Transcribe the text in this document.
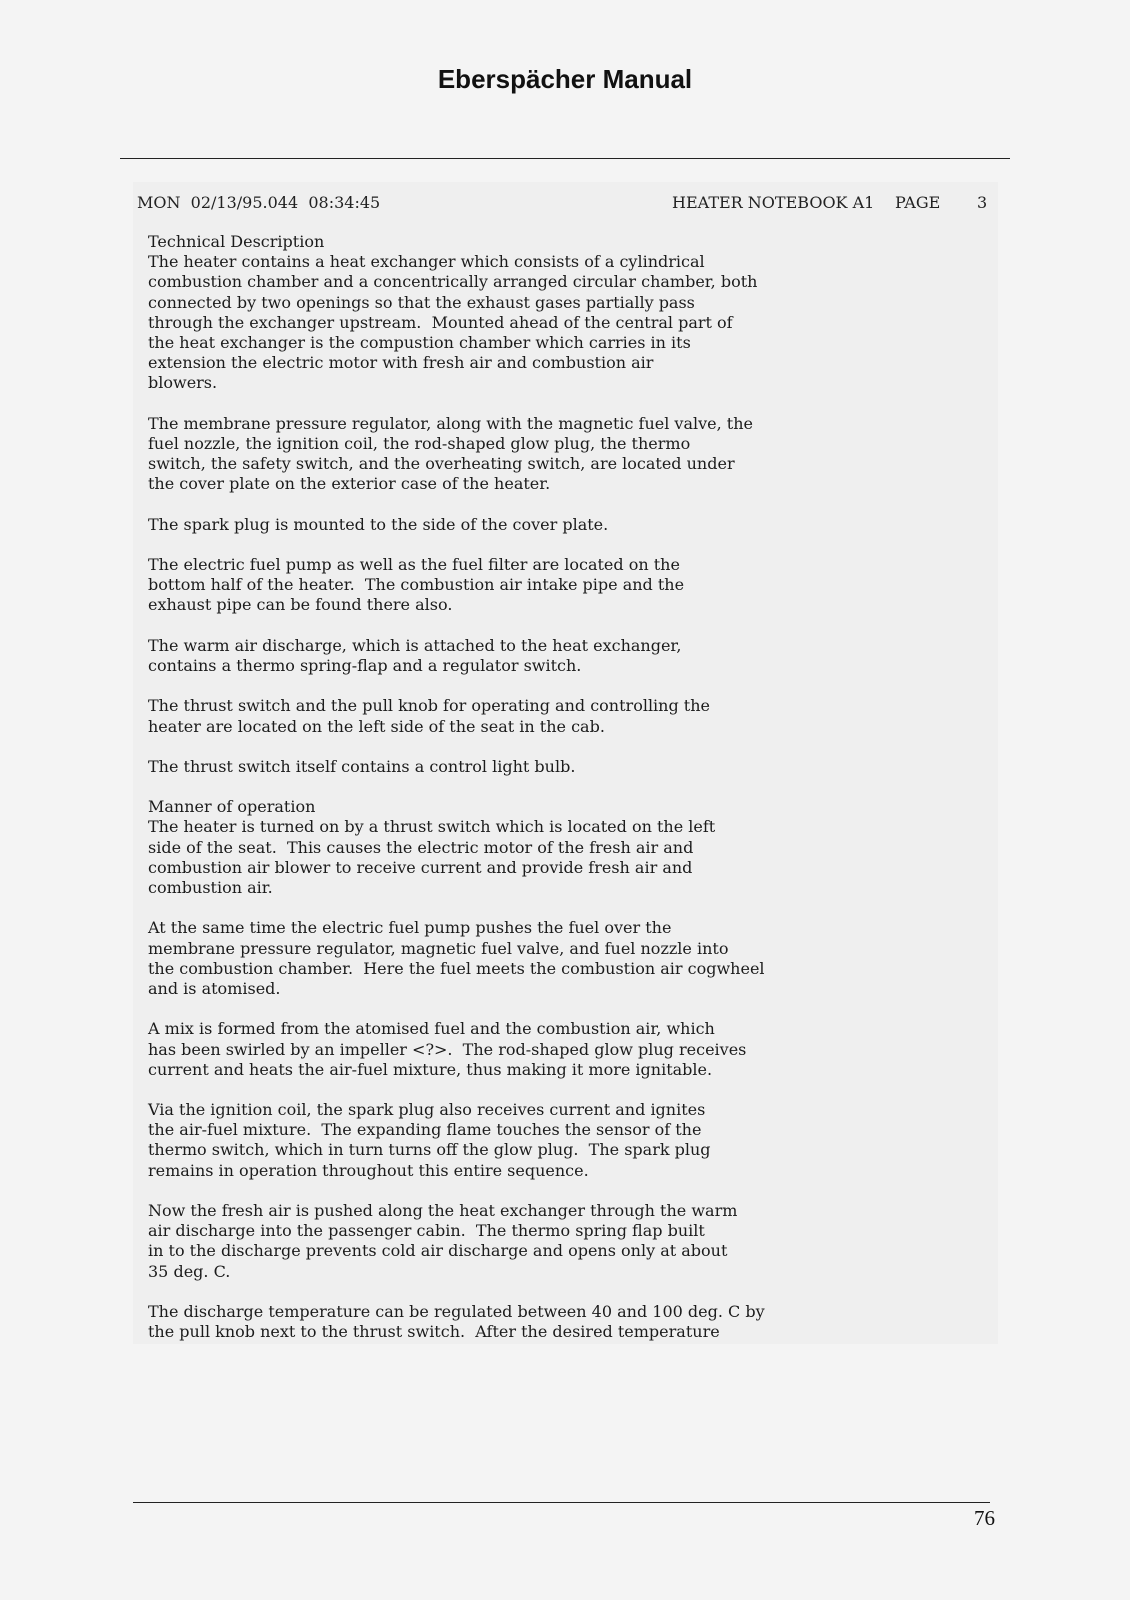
Eberspächer Manual

MON  02/13/95.044  08:34:45

	HEATER NOTEBOOK A1

PAGE

3

Technical Description
The heater contains a heat exchanger which consists of a cylindrical
combustion chamber and a concentrically arranged circular chamber, both
connected by two openings so that the exhaust gases partially pass
through the exchanger upstream.  Mounted ahead of the central part of
the heat exchanger is the compustion chamber which carries in its
extension the electric motor with fresh air and combustion air
blowers.
The membrane pressure regulator, along with the magnetic fuel valve, the
fuel nozzle, the ignition coil, the rod-shaped glow plug, the thermo
switch, the safety switch, and the overheating switch, are located under
the cover plate on the exterior case of the heater.
The spark plug is mounted to the side of the cover plate.
The electric fuel pump as well as the fuel filter are located on the
bottom half of the heater.  The combustion air intake pipe and the
exhaust pipe can be found there also.
The warm air discharge, which is attached to the heat exchanger,
contains a thermo spring-flap and a regulator switch.
The thrust switch and the pull knob for operating and controlling the
heater are located on the left side of the seat in the cab.
The thrust switch itself contains a control light bulb.
Manner of operation
The heater is turned on by a thrust switch which is located on the left
side of the seat.  This causes the electric motor of the fresh air and
combustion air blower to receive current and provide fresh air and
combustion air.
At the same time the electric fuel pump pushes the fuel over the
membrane pressure regulator, magnetic fuel valve, and fuel nozzle into
the combustion chamber.  Here the fuel meets the combustion air cogwheel
and is atomised.
A mix is formed from the atomised fuel and the combustion air, which
has been swirled by an impeller <?>.  The rod-shaped glow plug receives
current and heats the air-fuel mixture, thus making it more ignitable.
Via the ignition coil, the spark plug also receives current and ignites
the air-fuel mixture.  The expanding flame touches the sensor of the
thermo switch, which in turn turns off the glow plug.  The spark plug
remains in operation throughout this entire sequence.
Now the fresh air is pushed along the heat exchanger through the warm
air discharge into the passenger cabin.  The thermo spring flap built
in to the discharge prevents cold air discharge and opens only at about
35 deg. C.
The discharge temperature can be regulated between 40 and 100 deg. C by
the pull knob next to the thrust switch.  After the desired temperature
76
